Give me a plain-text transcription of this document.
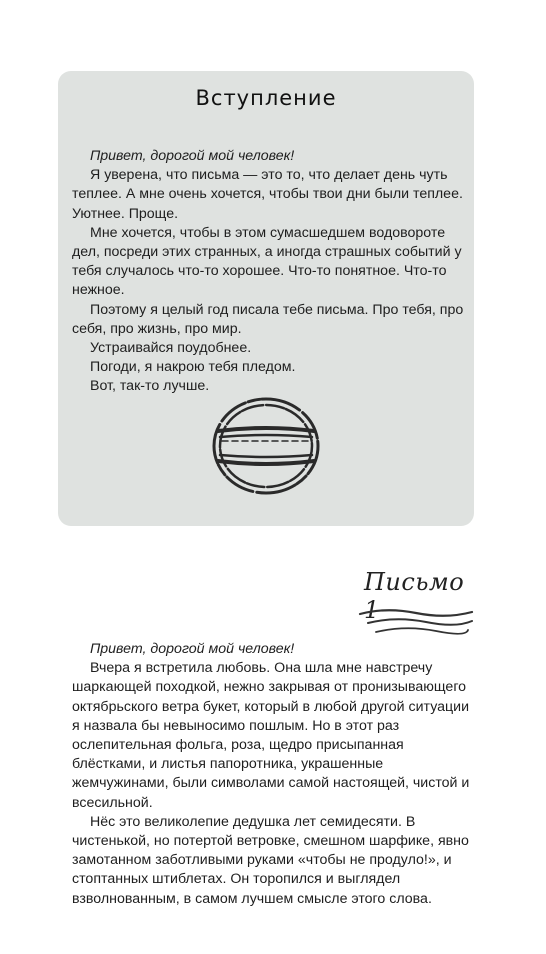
Вступление

Привет, дорогой мой человек!

Я уверена, что письма — это то, что делает день чуть теплее. А мне очень хочется, чтобы твои дни были теплее. Уютнее. Проще.

Мне хочется, чтобы в этом сумасшедшем водовороте дел, посреди этих странных, а иногда страшных событий у тебя случалось что-то хорошее. Что-то понятное. Что-то нежное.

Поэтому я целый год писала тебе письма. Про тебя, про себя, про жизнь, про мир.

Устраивайся поудобнее.

Погоди, я накрою тебя пледом.

Вот, так-то лучше.

Письмо 1

Привет, дорогой мой человек!

Вчера я встретила любовь. Она шла мне навстречу шаркающей походкой, нежно закрывая от пронизывающего октябрьского ветра букет, который в любой другой ситуации я назвала бы невыносимо пошлым. Но в этот раз ослепительная фольга, роза, щедро присыпанная блёстками, и листья папоротника, украшенные жемчужинами, были символами самой настоящей, чистой и всесильной.

Нёс это великолепие дедушка лет семидесяти. В чистенькой, но потертой ветровке, смешном шарфике, явно замотанном заботливыми руками «чтобы не продуло!», и стоптанных штиблетах. Он торопился и выглядел взволнованным, в самом лучшем смысле этого слова.
